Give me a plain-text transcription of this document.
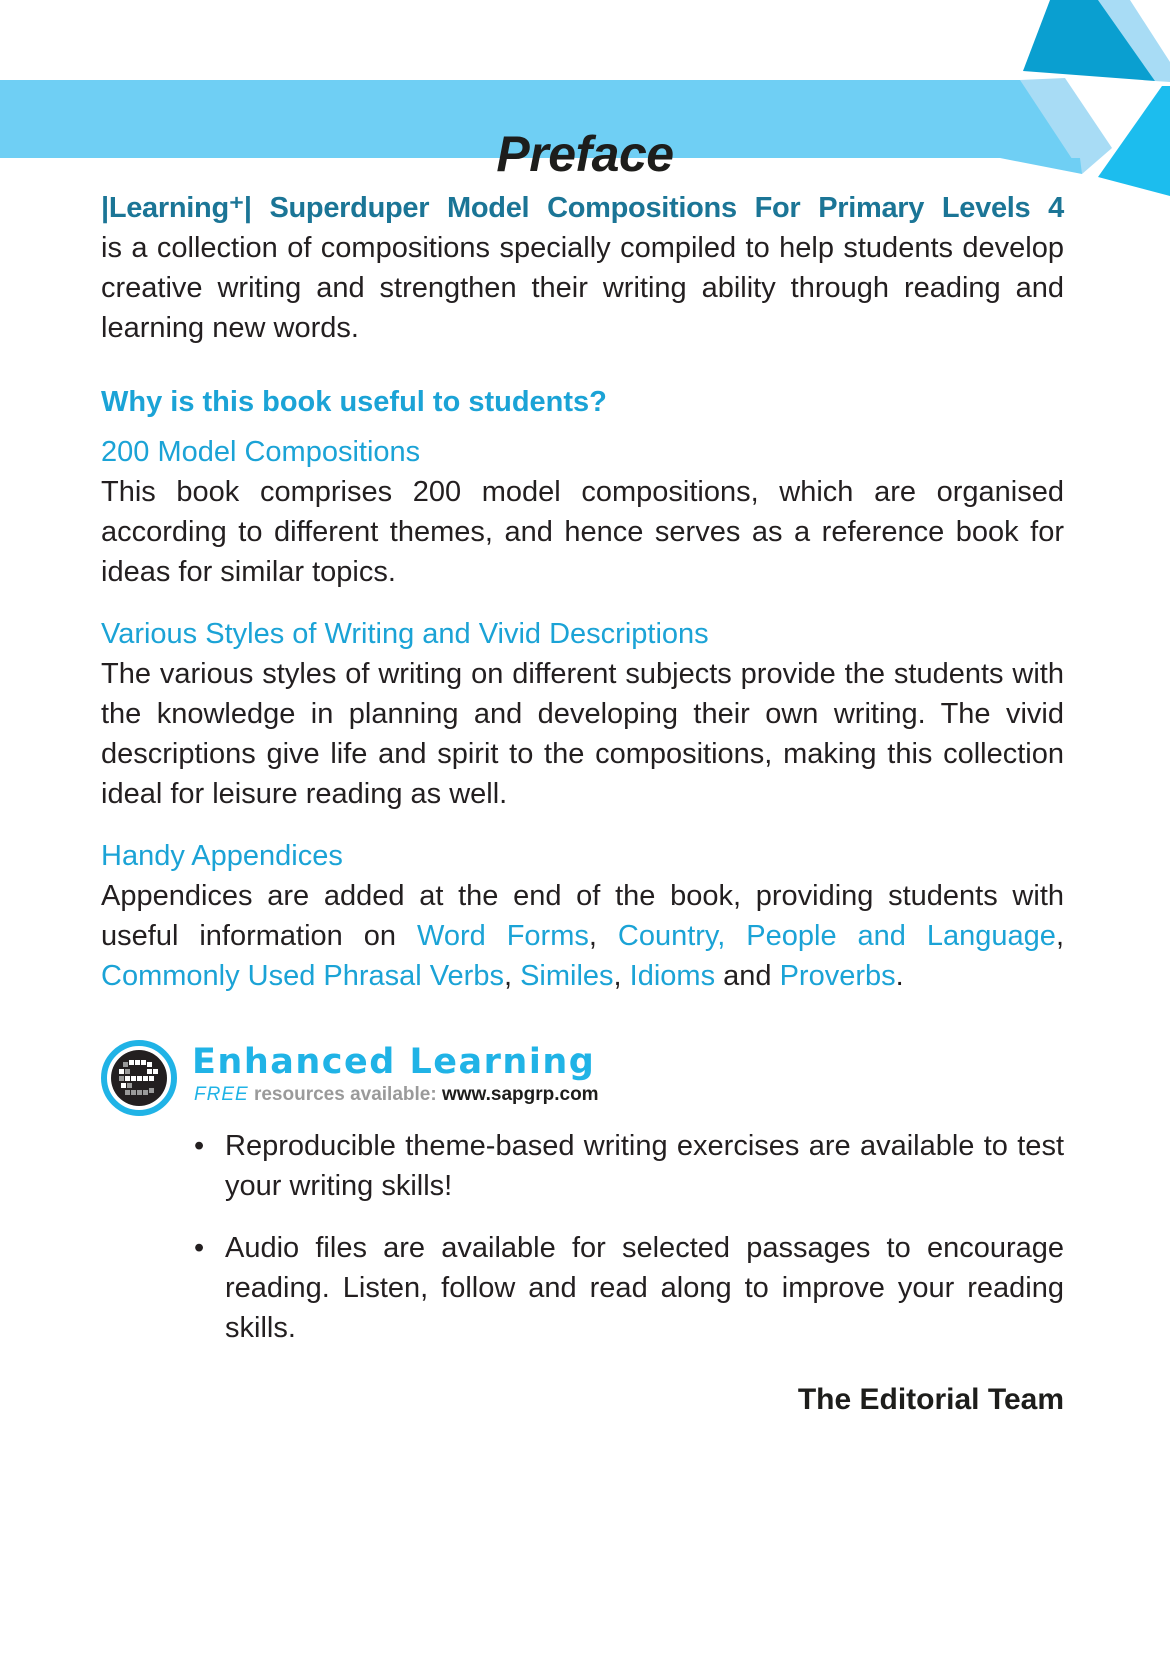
Preface
|Learning⁺| Superduper Model Compositions For Primary Levels 4

is a collection of compositions specially compiled to help students develop creative writing and strengthen their writing ability through reading and learning new words.

Why is this book useful to students?
200 Model Compositions

This book comprises 200 model compositions, which are organised according to different themes, and hence serves as a reference book for ideas for similar topics.

Various Styles of Writing and Vivid Descriptions

The various styles of writing on different subjects provide the students with the knowledge in planning and developing their own writing. The vivid descriptions give life and spirit to the compositions, making this collection ideal for leisure reading as well.

Handy Appendices

Appendices are added at the end of the book, providing students with useful information on Word Forms, Country, People and Language, Commonly Used Phrasal Verbs, Similes, Idioms and Proverbs.

Enhanced Learning
FREE resources available: www.sapgrp.com
• Reproducible theme-based writing exercises are available to test your writing skills!

• Audio files are available for selected passages to encourage reading. Listen, follow and read along to improve your reading skills.

The Editorial Team
